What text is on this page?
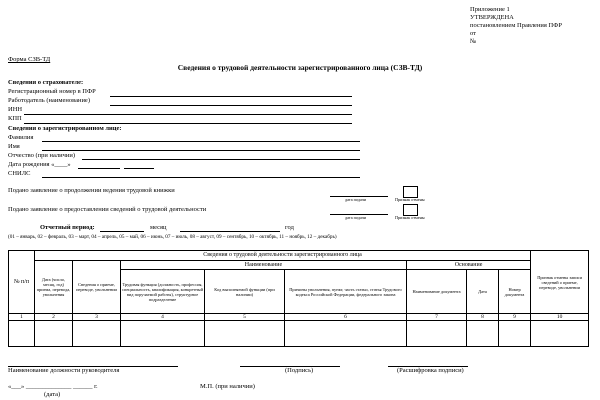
Приложение 1
УТВЕРЖДЕНА
постановлением Правления ПФР
от
№
Форма СЗВ-ТД
Сведения о трудовой деятельности зарегистрированного лица (СЗВ-ТД)
Сведения о страхователе:
Регистрационный номер в ПФР
Работодатель (наименование)
ИНН
КПП
Сведения о зарегистрированном лице:
Фамилия
Имя
Отчество (при наличии)
Дата рождения «____»
СНИЛС
Подано заявление о продолжении ведения трудовой книжки
дата подачи	Признак отмены
Подано заявление о предоставлении сведений о трудовой деятельности
дата подачи	Признак отмены
Отчетный период:	месяц	год
(01 – январь, 02 – февраль, 03 – март, 04 – апрель, 05 – май, 06 – июнь, 07 – июль, 08 – август, 09 – сентябрь, 10 – октябрь, 11 – ноябрь, 12 – декабрь)
№ п/п	Сведения о трудовой деятельности зарегистрированного лица								Признак отмены записи сведений о приеме, переводе, увольнении
	Дата (число, месяц, год) приема, перевода, увольнения	Сведения о приеме, переводе, увольнении	Наименование			Основание			
			Трудовая функция (должность, профессия, специальность, квалификация, конкретный вид поручаемой работы), структурное подразделение	Код выполняемой функции (при наличии)	Причины увольнения, пункт, часть статьи, статья Трудового кодекса Российской Федерации, федерального закона	Наименование документа	Дата	Номер документа	
1	2	3	4	5	6	7	8	9	10

Наименование должности руководителя	(Подпись)	(Расшифровка подписи)
«___» ______________ ______ г.
(дата)
М.П. (при наличии)
